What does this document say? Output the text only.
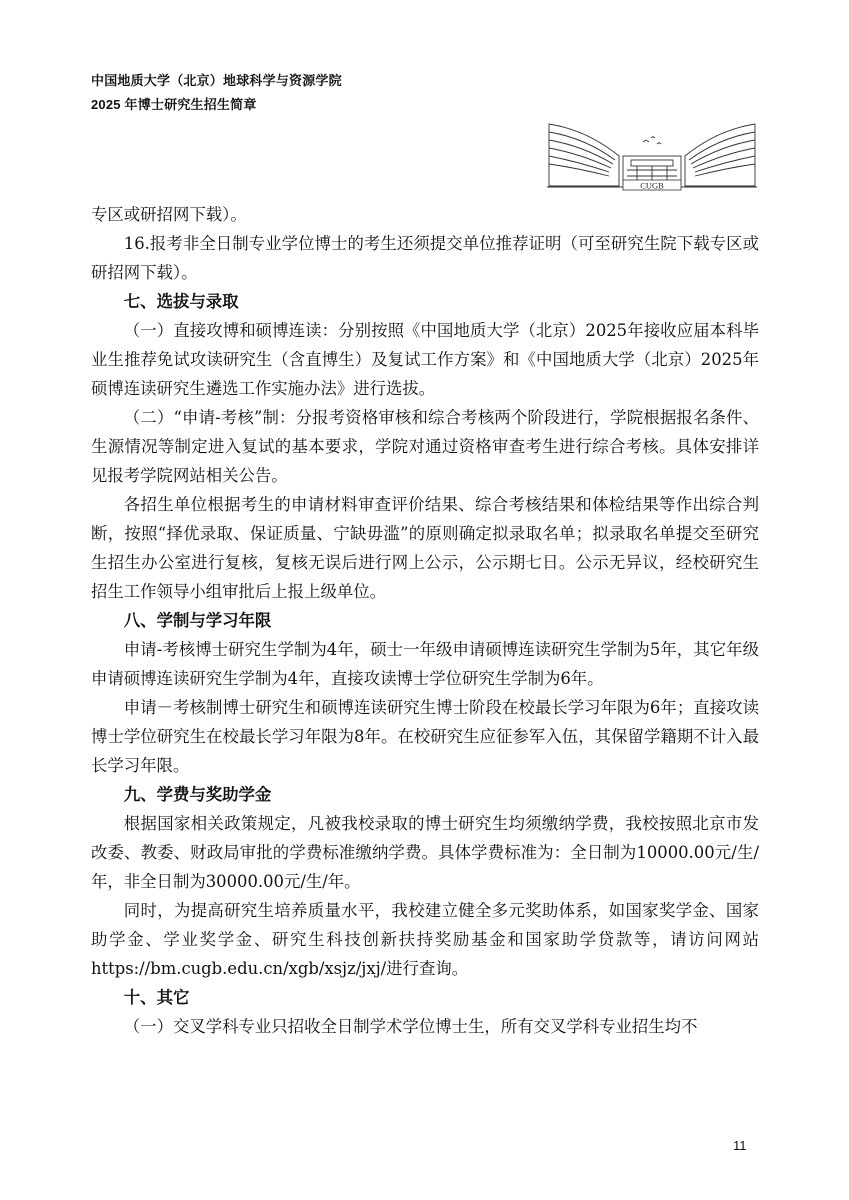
中国地质大学（北京）地球科学与资源学院
2025 年博士研究生招生简章
CUGB

专区或研招网下载）。

16.报考非全日制专业学位博士的考生还须提交单位推荐证明（可至研究生院下载专区或研招网下载）。

七、选拔与录取

（一）直接攻博和硕博连读：分别按照《中国地质大学（北京）2025年接收应届本科毕业生推荐免试攻读研究生（含直博生）及复试工作方案》和《中国地质大学（北京）2025年硕博连读研究生遴选工作实施办法》进行选拔。

（二）“申请-考核”制：分报考资格审核和综合考核两个阶段进行，学院根据报名条件、生源情况等制定进入复试的基本要求，学院对通过资格审查考生进行综合考核。具体安排详见报考学院网站相关公告。

各招生单位根据考生的申请材料审查评价结果、综合考核结果和体检结果等作出综合判断，按照“择优录取、保证质量、宁缺毋滥”的原则确定拟录取名单；拟录取名单提交至研究生招生办公室进行复核，复核无误后进行网上公示，公示期七日。公示无异议，经校研究生招生工作领导小组审批后上报上级单位。

八、学制与学习年限

申请-考核博士研究生学制为4年，硕士一年级申请硕博连读研究生学制为5年，其它年级申请硕博连读研究生学制为4年，直接攻读博士学位研究生学制为6年。

申请－考核制博士研究生和硕博连读研究生博士阶段在校最长学习年限为6年；直接攻读博士学位研究生在校最长学习年限为8年。在校研究生应征参军入伍，其保留学籍期不计入最长学习年限。

九、学费与奖助学金

根据国家相关政策规定，凡被我校录取的博士研究生均须缴纳学费，我校按照北京市发改委、教委、财政局审批的学费标准缴纳学费。具体学费标准为：全日制为10000.00元/生/年，非全日制为30000.00元/生/年。

同时，为提高研究生培养质量水平，我校建立健全多元奖助体系，如国家奖学金、国家助学金、学业奖学金、研究生科技创新扶持奖励基金和国家助学贷款等，请访问网站https://bm.cugb.edu.cn/xgb/xsjz/jxj/进行查询。

十、其它

（一）交叉学科专业只招收全日制学术学位博士生，所有交叉学科专业招生均不

11
